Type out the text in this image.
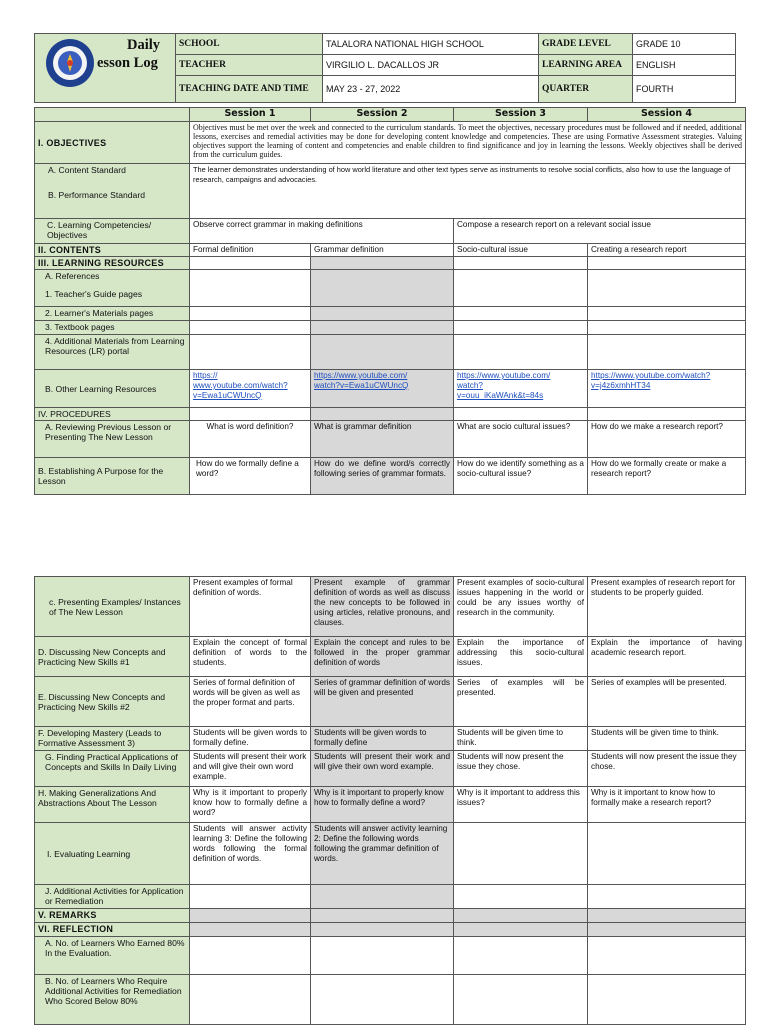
Daily
esson Log	SCHOOL	TALALORA NATIONAL HIGH SCHOOL	GRADE LEVEL	GRADE 10
	TEACHER	VIRGILIO L. DACALLOS JR	LEARNING AREA	ENGLISH
	TEACHING DATE AND TIME	MAY 23 - 27, 2022	QUARTER	FOURTH
	Session 1	Session 2	Session 3	Session 4
I. OBJECTIVES	Objectives must be met over the week and connected to the curriculum standards. To meet the objectives, necessary procedures must be followed and if needed, additional lessons, exercises and remedial activities may be done for developing content knowledge and competencies. These are using Formative Assessment strategies. Valuing objectives support the learning of content and competencies and enable children to find significance and joy in learning the lessons. Weekly objectives shall be derived from the curriculum guides.			

A. Content Standard
B. Performance Standard	The learner demonstrates understanding of how world literature and other text types serve as instruments to resolve social conflicts, also how to use the language of research, campaigns and advocacies.			
C. Learning Competencies/ Objectives	Observe correct grammar in making definitions		Compose a research report on a relevant social issue	
II. CONTENTS	Formal definition	Grammar definition	Socio-cultural issue	Creating a research report
III. LEARNING RESOURCES				

A. References
1. Teacher's Guide pages				

2. Learner's Materials pages				
3. Textbook pages				
4. Additional Materials from Learning Resources (LR) portal				
B. Other Learning Resources	https://
www.youtube.com/watch?
v=Ewa1uCWUncQ	https://www.youtube.com/
watch?v=Ewa1uCWUncQ	https://www.youtube.com/
watch?
v=ouu_iKaWAnk&t=84s	https://www.youtube.com/watch?
v=j4z6xmhHT34
IV. PROCEDURES				
A. Reviewing Previous Lesson or Presenting The New Lesson	What is word definition?	What is grammar definition	What are socio cultural issues?	How do we make a research report?
B. Establishing A Purpose for the Lesson	How do we formally define a word?	How do we define word/s correctly following series of grammar formats.	How do we identify something as a socio-cultural issue?	How do we formally create or make a research report?
c. Presenting Examples/ Instances of The New Lesson	Present examples of formal definition of words.	Present example of grammar definition of words as well as discuss the new concepts to be followed in using articles, relative pronouns, and clauses.	Present examples of socio-cultural issues happening in the world or could be any issues worthy of research in the community.	Present examples of research report for students to be properly guided.
D. Discussing New Concepts and Practicing New Skills #1	Explain the concept of formal definition of words to the students.	Explain the concept and rules to be followed in the proper grammar definition of words	Explain the importance of addressing this socio-cultural issues.	Explain the importance of having academic research report.
E. Discussing New Concepts and Practicing New Skills #2	Series of formal definition of words will be given as well as the proper format and parts.	Series of grammar definition of words will be given and presented	Series of examples will be presented.	Series of examples will be presented.
F. Developing Mastery (Leads to Formative Assessment 3)	Students will be given words to formally define.	Students will be given words to formally define	Students will be given time to think.	Students will be given time to think.
G. Finding Practical Applications of Concepts and Skills In Daily Living	Students will present their work and will give their own word example.	Students will present their work and will give their own word example.	Students will now present the issue they chose.	Students will now present the issue they chose.
H. Making Generalizations And Abstractions About The Lesson	Why is it important to properly know how to formally define a word?	Why is it important to properly know how to formally define a word?	Why is it important to address this issues?	Why is it important to know how to formally make a research report?
I. Evaluating Learning	Students will answer activity learning 3: Define the following words following the formal definition of words.	Students will answer activity learning 2: Define the following words following the grammar definition of words.		
J. Additional Activities for Application or Remediation				
V. REMARKS				
VI. REFLECTION				
A. No. of Learners Who Earned 80% In the Evaluation.				
B. No. of Learners Who Require Additional Activities for Remediation Who Scored Below 80%				
